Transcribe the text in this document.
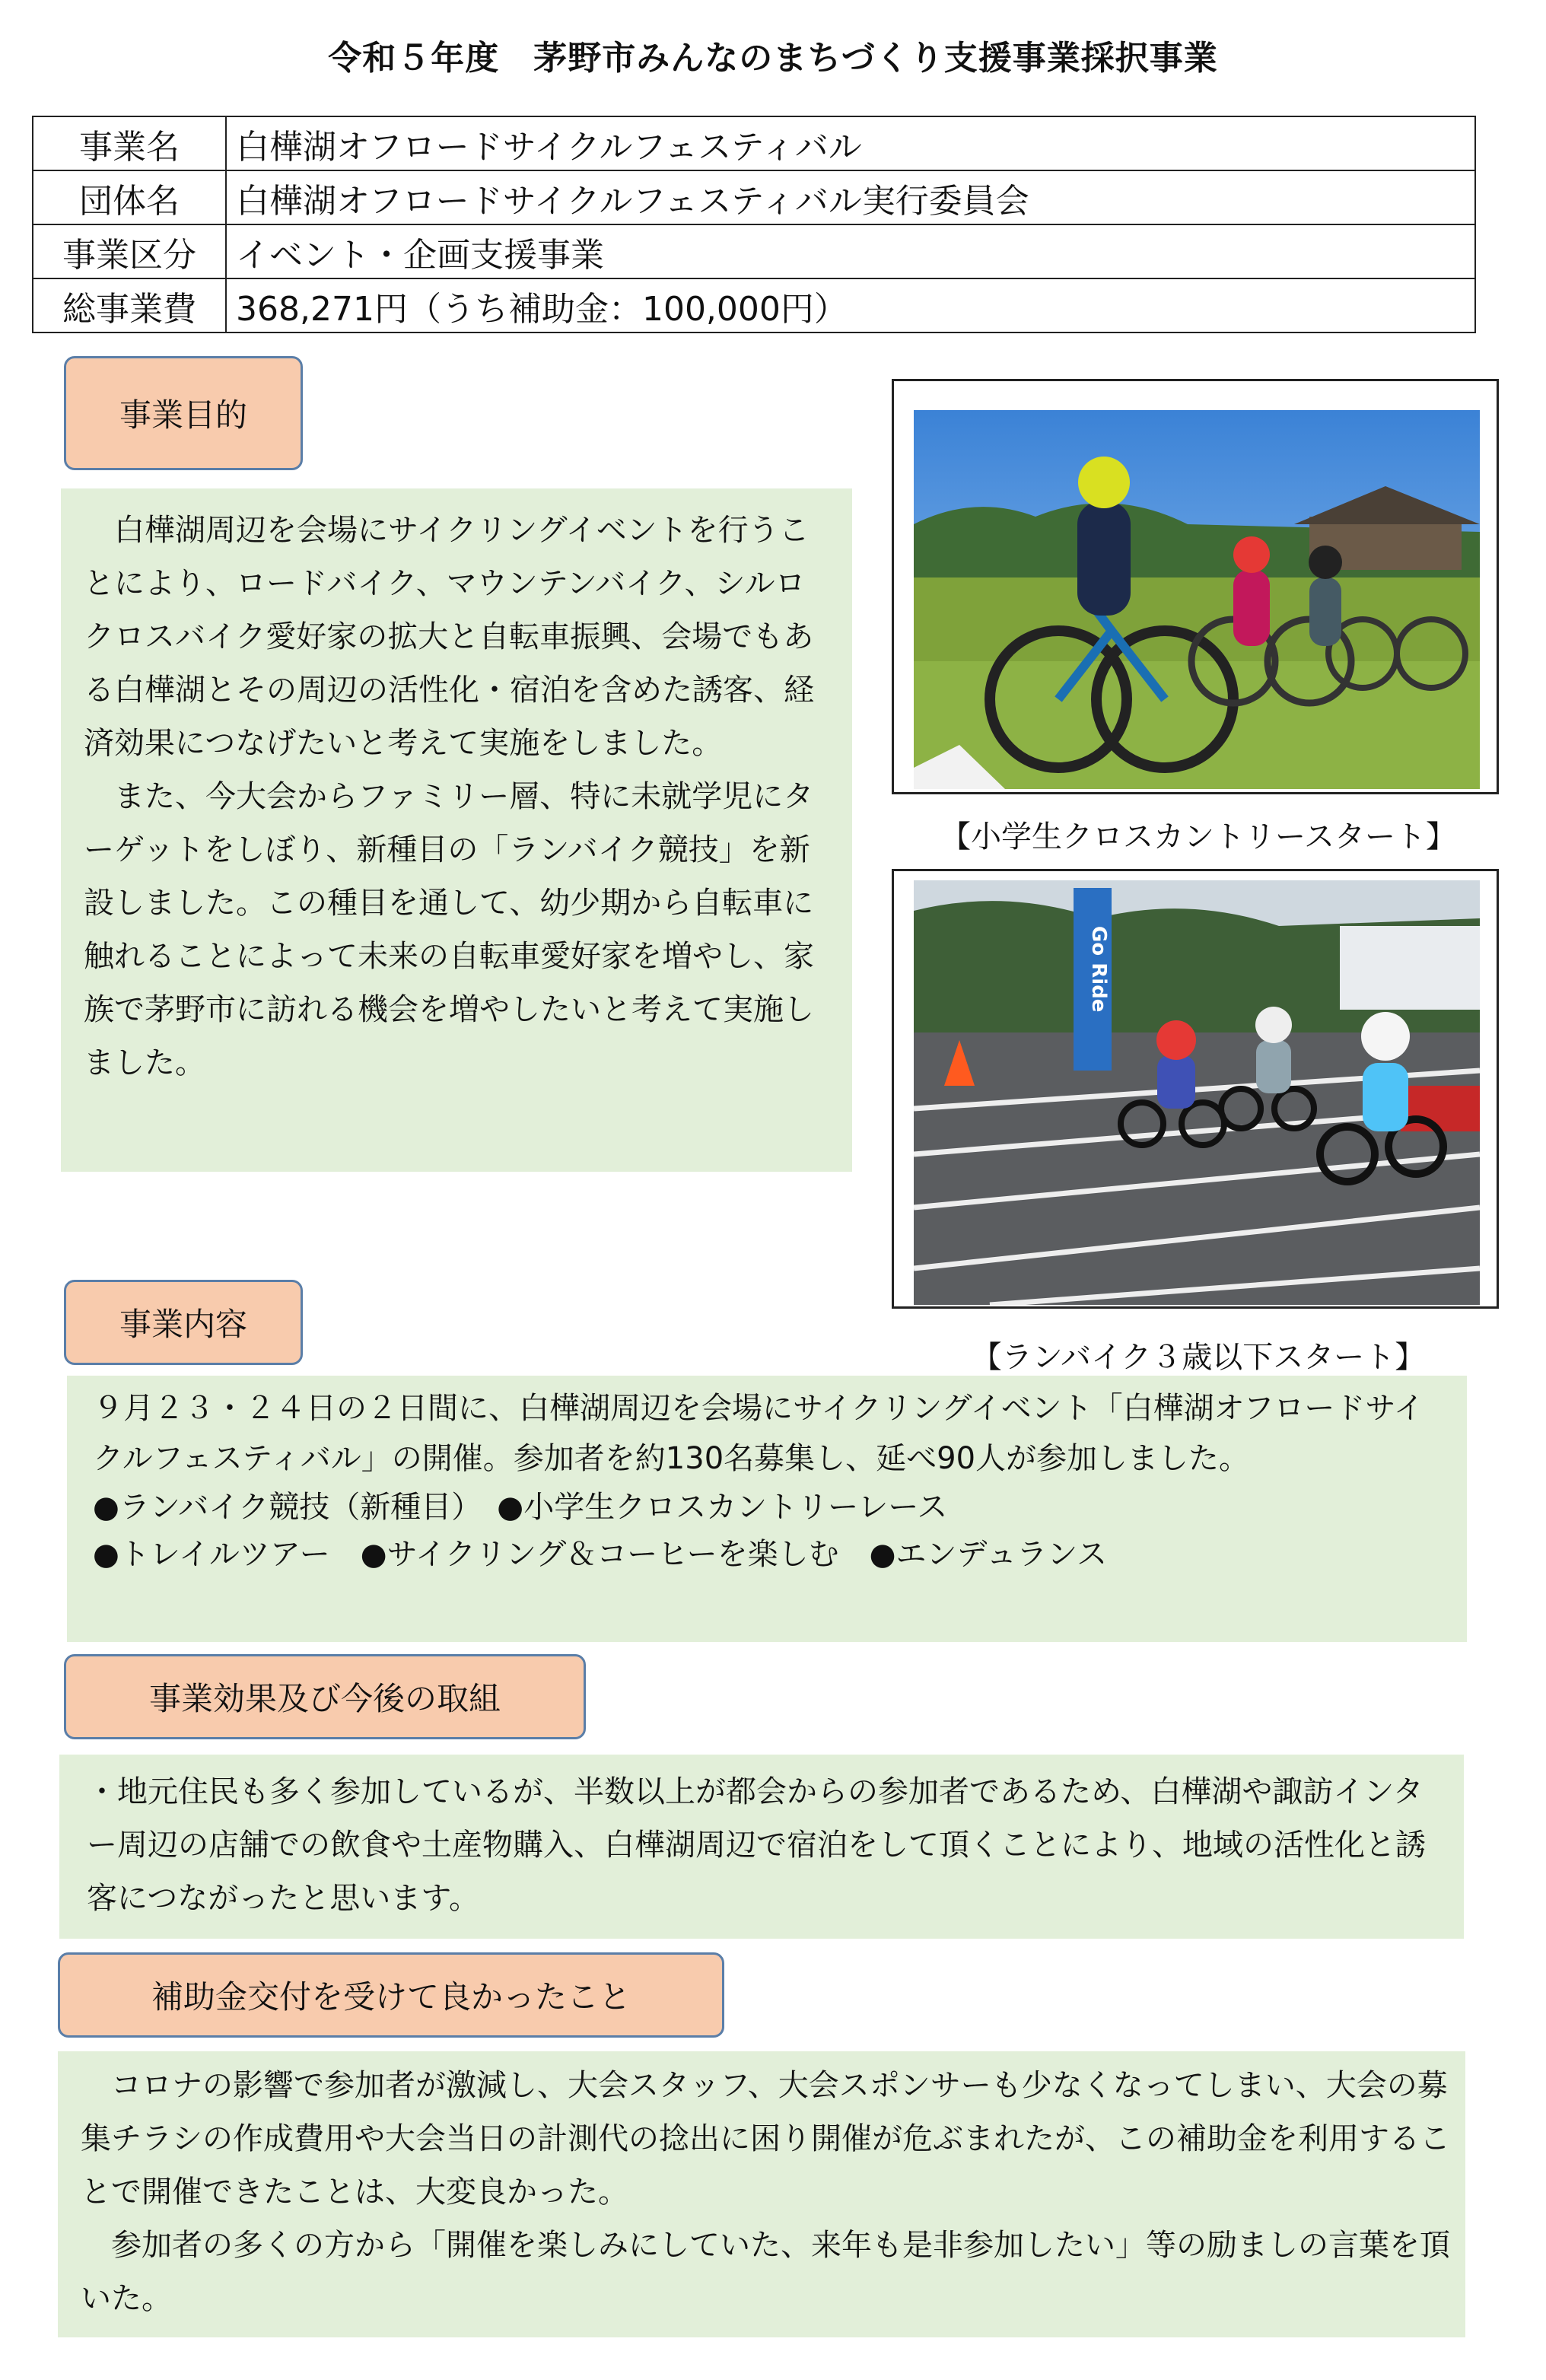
令和５年度　茅野市みんなのまちづくり支援事業採択事業
事業名	白樺湖オフロードサイクルフェスティバル
団体名	白樺湖オフロードサイクルフェスティバル実行委員会
事業区分	イベント・企画支援事業
総事業費	368,271円（うち補助金：100,000円）
事業目的

　白樺湖周辺を会場にサイクリングイベントを行うことにより、ロードバイク、マウンテンバイク、シルロクロスバイク愛好家の拡大と自転車振興、会場でもある白樺湖とその周辺の活性化・宿泊を含めた誘客、経済効果につなげたいと考えて実施をしました。

　また、今大会からファミリー層、特に未就学児にターゲットをしぼり、新種目の「ランバイク競技」を新設しました。この種目を通して、幼少期から自転車に触れることによって未来の自転車愛好家を増やし、家族で茅野市に訪れる機会を増やしたいと考えて実施しました。

【小学生クロスカントリースタート】
Go Ride
【ランバイク３歳以下スタート】
事業内容

９月２３・２４日の２日間に、白樺湖周辺を会場にサイクリングイベント「白樺湖オフロードサイクルフェスティバル」の開催。参加者を約130名募集し、延べ90人が参加しました。

●ランバイク競技（新種目）　●小学生クロスカントリーレース

●トレイルツアー　●サイクリング＆コーヒーを楽しむ　●エンデュランス

事業効果及び今後の取組

・地元住民も多く参加しているが、半数以上が都会からの参加者であるため、白樺湖や諏訪インター周辺の店舗での飲食や土産物購入、白樺湖周辺で宿泊をして頂くことにより、地域の活性化と誘客につながったと思います。

補助金交付を受けて良かったこと

　コロナの影響で参加者が激減し、大会スタッフ、大会スポンサーも少なくなってしまい、大会の募集チラシの作成費用や大会当日の計測代の捻出に困り開催が危ぶまれたが、この補助金を利用することで開催できたことは、大変良かった。

　参加者の多くの方から「開催を楽しみにしていた、来年も是非参加したい」等の励ましの言葉を頂いた。
